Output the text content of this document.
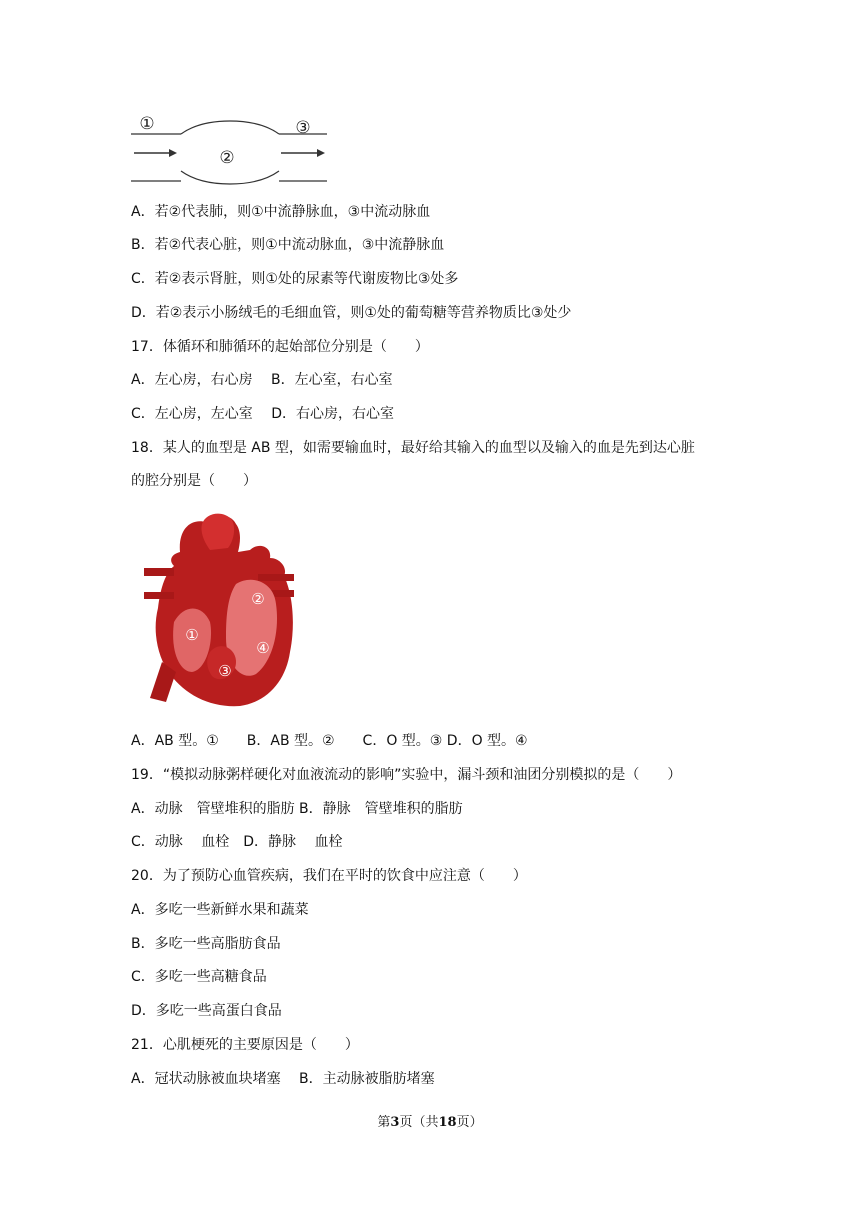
①
②
③
A．若②代表肺，则①中流静脉血，③中流动脉血
B．若②代表心脏，则①中流动脉血，③中流静脉血
C．若②表示肾脏，则①处的尿素等代谢废物比③处多
D．若②表示小肠绒毛的毛细血管，则①处的葡萄糖等营养物质比③处少
17．体循环和肺循环的起始部位分别是（　　）
A．左心房，右心房　 B．左心室，右心室
C．左心房，左心室　 D．右心房，右心室
18．某人的血型是 AB 型，如需要输血时，最好给其输入的血型以及输入的血是先到达心脏
的腔分别是（　　）
①
②
③
④
A．AB 型。①　　B．AB 型。②　　C．O 型。③ D．O 型。④
19．“模拟动脉粥样硬化对血液流动的影响”实验中，漏斗颈和油团分别模拟的是（　　）
A．动脉　管壁堆积的脂肪 B．静脉　管壁堆积的脂肪
C．动脉　 血栓　D．静脉　 血栓
20．为了预防心血管疾病，我们在平时的饮食中应注意（　　）
A．多吃一些新鲜水果和蔬菜
B．多吃一些高脂肪食品
C．多吃一些高糖食品
D．多吃一些高蛋白食品
21．心肌梗死的主要原因是（　　）
A．冠状动脉被血块堵塞　 B．主动脉被脂肪堵塞
第3页（共18页）
